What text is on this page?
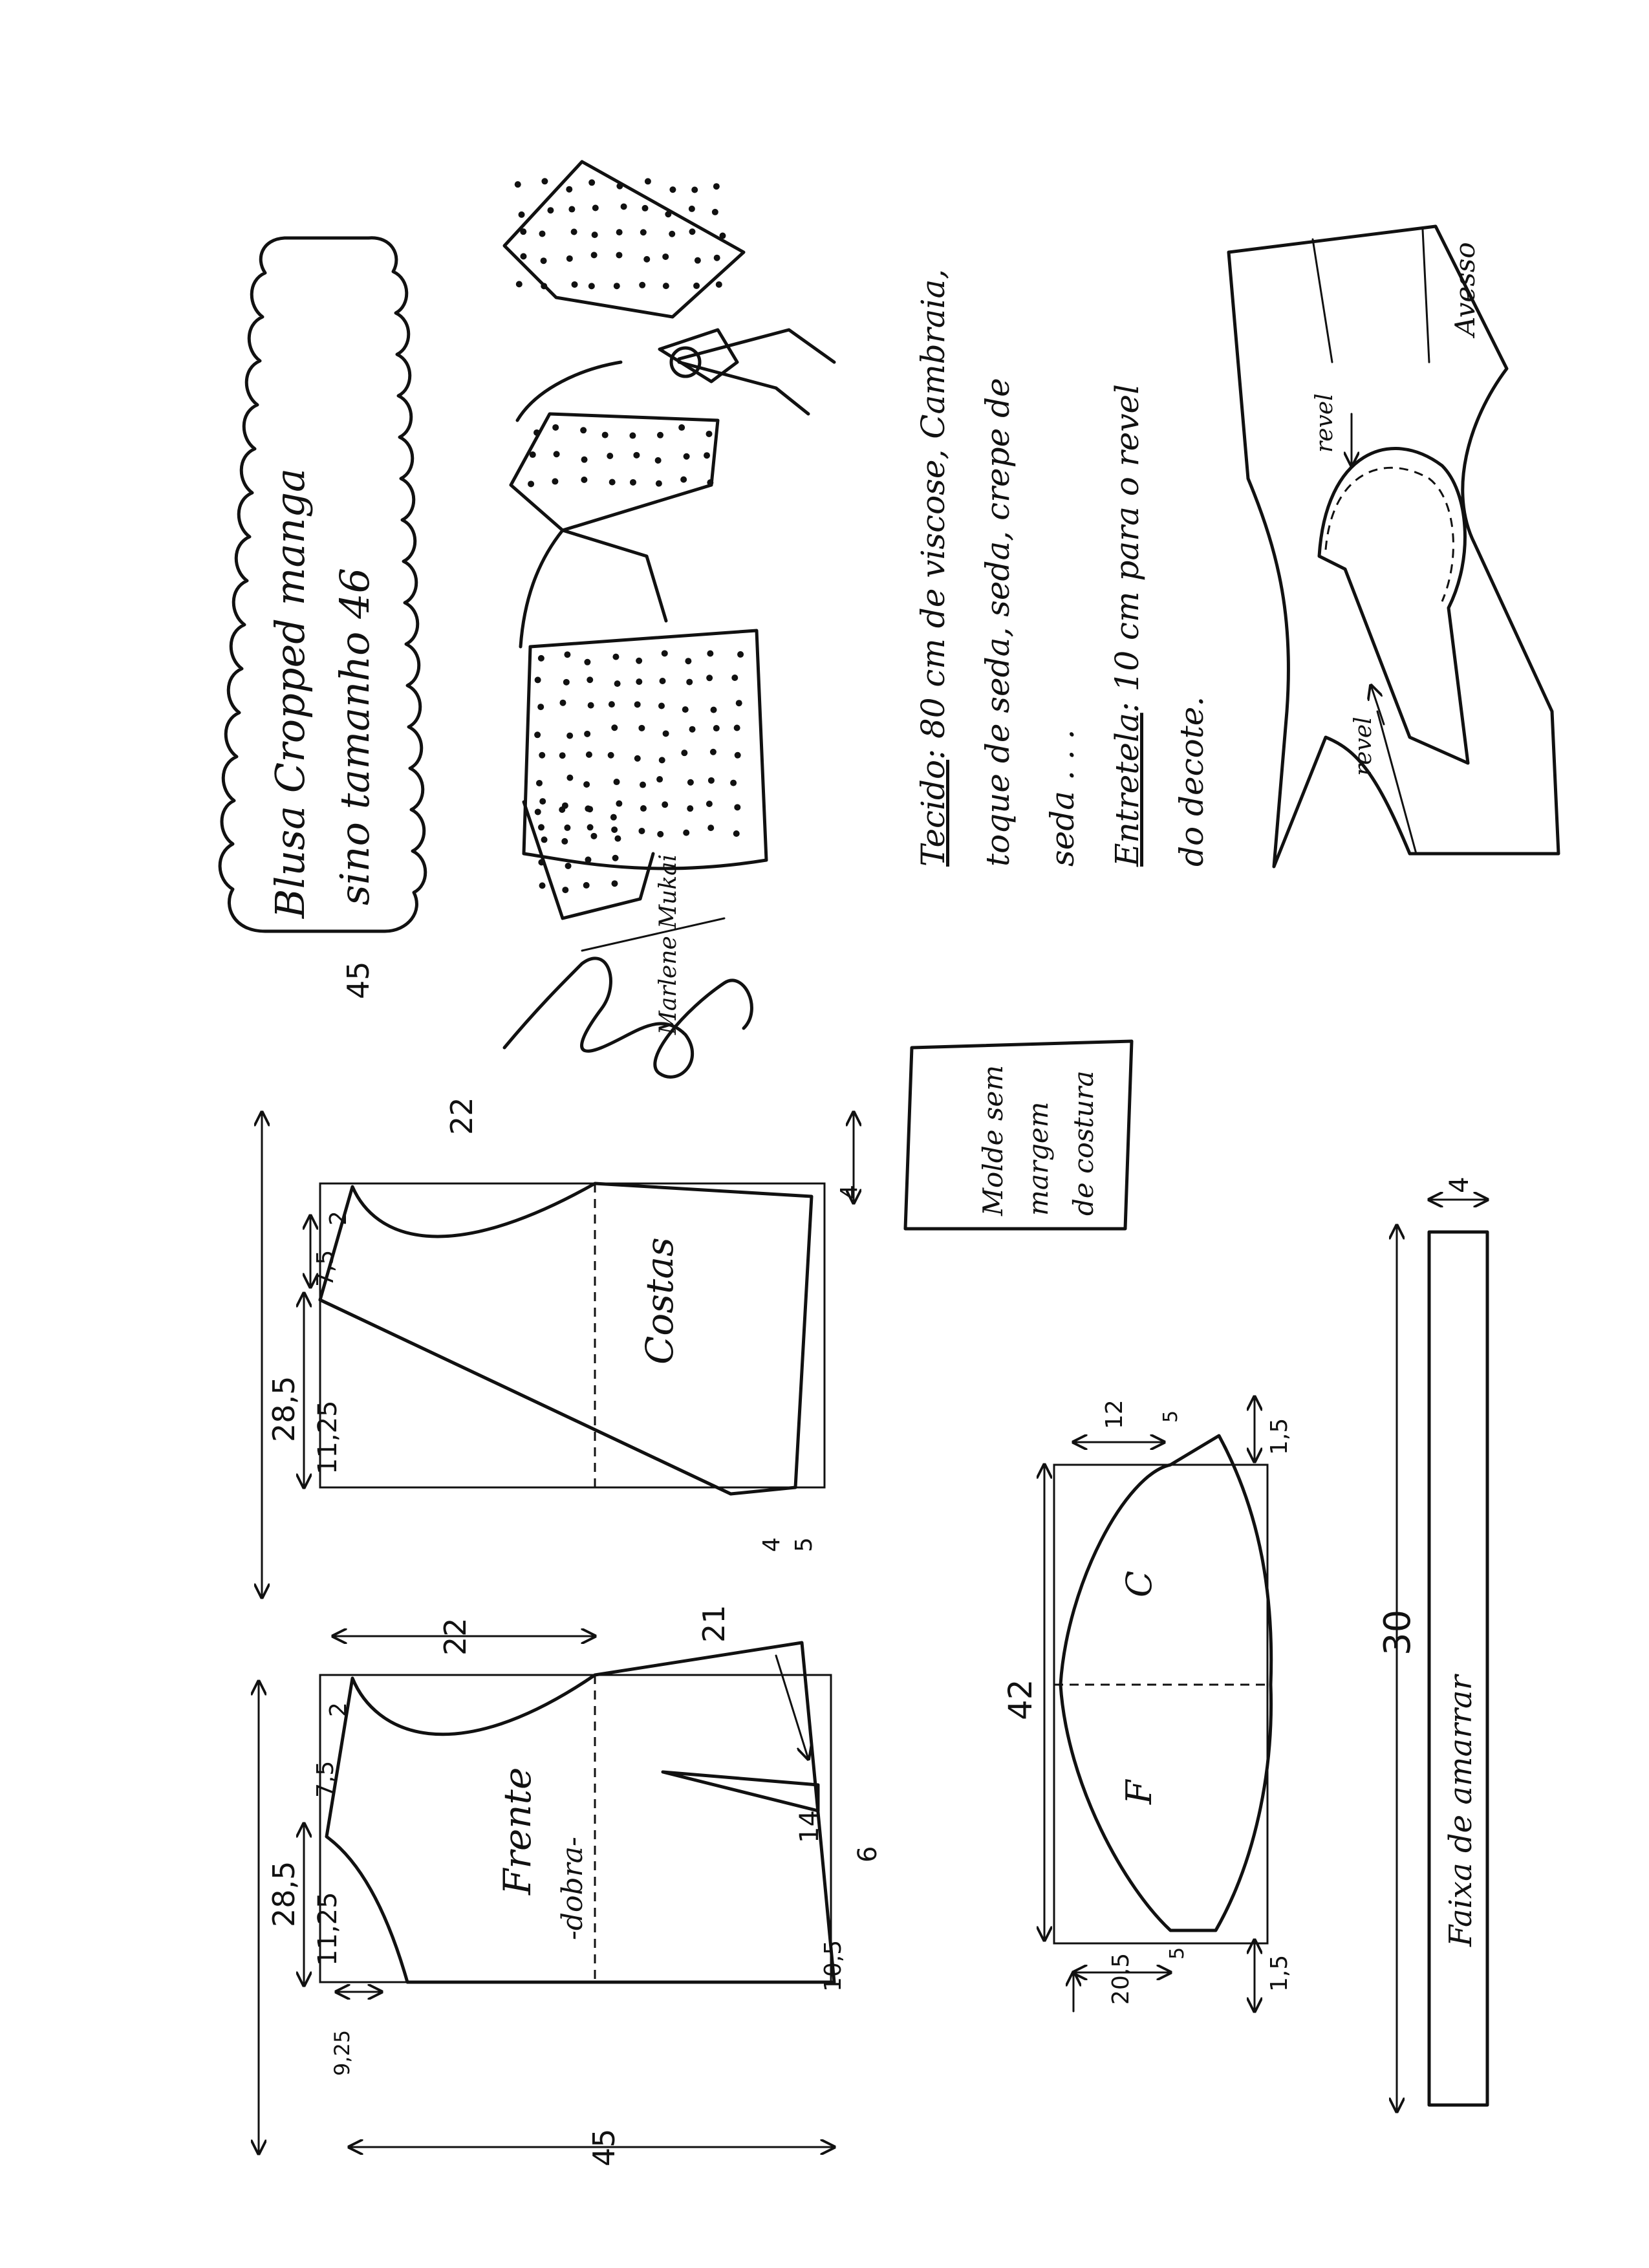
Blusa Cropped manga sino tamanho 46
Marlene Mukai
Tecido: 80 cm de viscose, Cambraia, toque de seda, seda, crepe de seda . . . Entretela: 10 cm para o revel
do decote.
Avesso
revel
revel
Molde sem margem de costura
28,5 11,25
7,5
2
22
45
4
4 5
Costas
28,5 11,25
7,5
2
22	21
14
6
10,5
9,25
45
Frente -dobra-
42
12 5
1,5
1,5
20,5 5
C
F
30
4
Faixa de amarrar
